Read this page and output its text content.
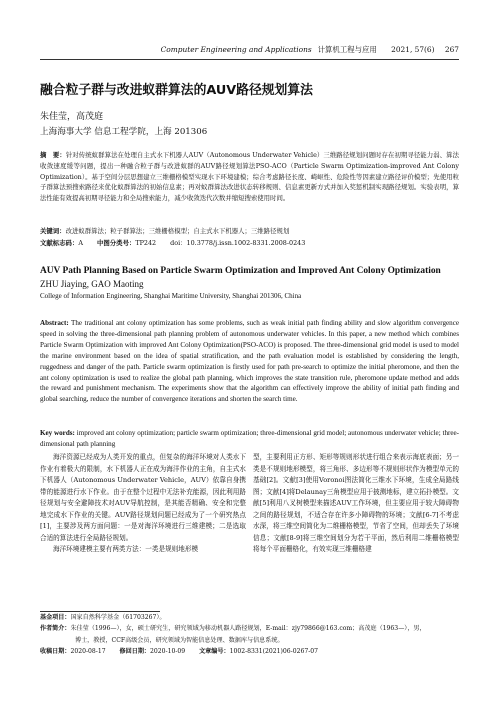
Computer Engineering and Applications 计算机工程与应用 2021, 57(6) 267
融合粒子群与改进蚁群算法的AUV路径规划算法
朱佳莹，高茂庭
上海海事大学 信息工程学院，上海 201306
摘　要：针对传统蚁群算法在处理自主式水下机器人AUV（Autonomous Underwater Vehicle）三维路径规划问题时存在初期寻径能力弱、算法收敛速度缓等问题，提出一种融合粒子群与改进蚁群的AUV路径规划算法PSO-ACO（Particle Swarm Optimization-improved Ant Colony Optimization）。基于空间分层思想建立三维栅格模型实现水下环境建模；综合考虑路径长度、崎岖性、危险性等因素建立路径评价模型；先使用粒子群算法预搜索路径来优化蚁群算法的初始信息素；再对蚁群算法改进状态转移规则、信息素更新方式并加入奖惩机制实现路径规划。实验表明，算法性能有效提高初期寻径能力和全局搜索能力，减少收敛迭代次数并缩短搜索使用时间。
关键词：改进蚁群算法；粒子群算法；三维栅格模型；自主式水下机器人；三维路径规划
文献标志码：A 中图分类号：TP242 doi：10.3778/j.issn.1002-8331.2008-0243
AUV Path Planning Based on Particle Swarm Optimization and Improved Ant Colony Optimization
ZHU Jiaying, GAO Maoting
College of Information Engineering, Shanghai Maritime University, Shanghai 201306, China
Abstract: The traditional ant colony optimization has some problems, such as weak initial path finding ability and slow algorithm convergence speed in solving the three-dimensional path planning problem of autonomous underwater vehicles. In this paper, a new method which combines Particle Swarm Optimization with improved Ant Colony Optimization(PSO-ACO) is proposed. The three-dimensional grid model is used to model the marine environment based on the idea of spatial stratification, and the path evaluation model is established by considering the length, ruggedness and danger of the path. Particle swarm optimization is firstly used for path pre-search to optimize the initial pheromone, and then the ant colony optimization is used to realize the global path planning, which improves the state transition rule, pheromone update method and adds the reward and punishment mechanism. The experiments show that the algorithm can effectively improve the ability of initial path finding and global searching, reduce the number of convergence iterations and shorten the search time.
Key words: improved ant colony optimization; particle swarm optimization; three-dimensional grid model; autonomous underwater vehicle; three-dimensional path planning

海洋资源已经成为人类开发的重点，但复杂的海洋环境对人类水下作业有着极大的限制，水下机器人正在成为海洋作业的主角，自主式水下机器人（Autonomous Underwater Vehicle，AUV）依靠自身携带的能源进行水下作业。由于在整个过程中无法补充能源，因此利用路径规划与安全避障技术对AUV导航控制，是其能否精确、安全和完整地完成水下作业的关键。AUV路径规划问题已经成为了一个研究热点[1]，主要涉及两方面问题：一是对海洋环境进行三维建模；二是选取合适的算法进行全局路径规划。

海洋环境建模主要有两类方法：一类是规则地形模

型，主要利用正方形、矩形等规则形状进行组合来表示海底表面；另一类是不规则地形模型，将三角形、多边形等不规则形状作为模型单元的基础[2]。文献[3]使用Voronoi图法简化三维水下环境，生成全局路线图；文献[4]将Delaunay三角模型应用于披测地标，建立拓扑模型。文献[5]利用八叉树模型来描述AUV工作环境，但主要应用于较大障碍物之间的路径规划，不适合存在许多小障碍物的环境；文献[6-7]不考虑水深，将三维空间简化为二维栅格模型，节省了空间，但却丢失了环境信息；文献[8-9]将三维空间划分为若干平面，然后利用二维栅格模型将每个平面栅格化，有效实现三维栅格建

基金项目：国家自然科学基金（61703267）。
作者简介：朱佳莹（1996—），女，硕士研究生，研究领域为移动机器人路径规划，E-mail：zjy79866@163.com；高茂庭（1963—），男，
博士，教授，CCF高级会员，研究领域为智能信息处理、数据库与信息系统。
收稿日期：2020-08-17 修回日期：2020-10-09 文章编号：1002-8331(2021)06-0267-07
